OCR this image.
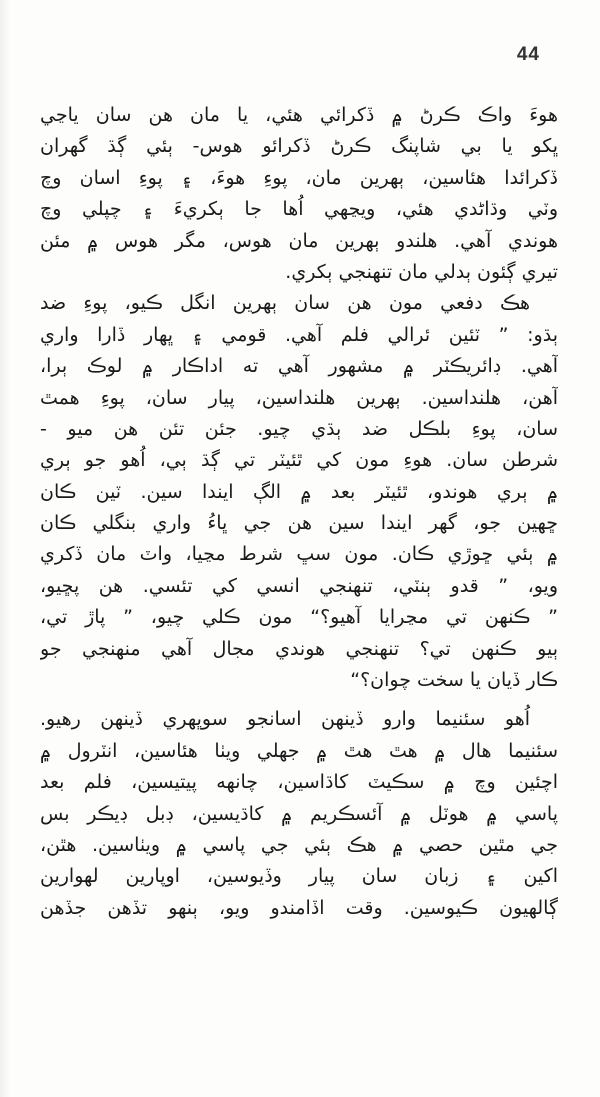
44
هوءَ واڪ ڪرڻ ۾ ڏکرائي هئي، يا مان هن سان ياڃي
ڀکو يا بي شاپنگ ڪرڻ ڏکرائو هوس- ٻئي ڳڌ گهران
ڏکرائدا هئاسين، ٻهرين مان، پوءِ هوءَ، ۽ پوءِ اسان وچ
وٽي وڌاڻدي هئي، ويڃهي اُها جا ٻکريءَ ۽ چپلي وچ
هوندي آهي. هلندو ٻهرين مان هوس، مگر هوس ۾ مئن
تيري ڳئون ٻدلي مان تنهنجي ٻکري.
هڪ دفعي مون هن سان ٻهرين انگل ڪيو، پوءِ ضد
ٻڌو: ” ٽئين ئرالي فلم آهي. قومي ۽ ڀهار ڏارا واري
آهي. ڊائريڪٽر ۾ مشهور آهي ته اداڪار ۾ لوڪ ٻرا،
آهن، هلنداسين. ٻهرين هلنداسين، پيار سان، پوءِ همٿ
سان، پوءِ بلڪل ضد ٻڌي چيو. جئن تئن هن ميو -
شرطن سان. هوءِ مون کي ٿئيٽر تي ڳڌ ٻي، اُهو جو ٻري
۾ ٻري هوندو، ٿئيٽر بعد ۾ الڳ ايندا سين. ٽين ڪان
ڇهين جو، گهر ايندا سين هن جي ڀاءُ واري بنگلي ڪان
۾ ٻئي ڇوڙي ڪان. مون سڀ شرط مڃيا، واٽ مان ڏکري
ويو، ” قدو ٻنٽي، تنهنجي انسي کي تئسي. هن پڇيو،
” ڪنهن تي مڃرايا آهيو؟“ مون ڪلي چيو، ” پاڙ تي،
ٻيو ڪنهن تي؟ تنهنجي هوندي مجال آهي منهنجي جو
ڪار ڏيان يا سخت چوان؟“
اُهو سئنيما وارو ڏينهن اسانجو سوڀهري ڏينهن رهيو.
سئنيما هال ۾ هٿ هٿ ۾ جهلي ويٺا هئاسين، انٽرول ۾
اچئين وچ ۾ سڪيٽ کاڌاسين، چانهه پيتيسين، فلم بعد
پاسي ۾ هوٽل ۾ آئسڪريم ۾ کاڌيسين، ڊبل ڊيڪر بس
جي مٿين حصي ۾ هڪ ٻئي جي پاسي ۾ ويٺاسين. هٿن،
اکين ۽ زبان سان پيار وڏيوسين، اوپارين لهوارين
ڳالهيون ڪيوسين. وقت اڏامندو ويو، ٻنهو تڏهن جڏهن
